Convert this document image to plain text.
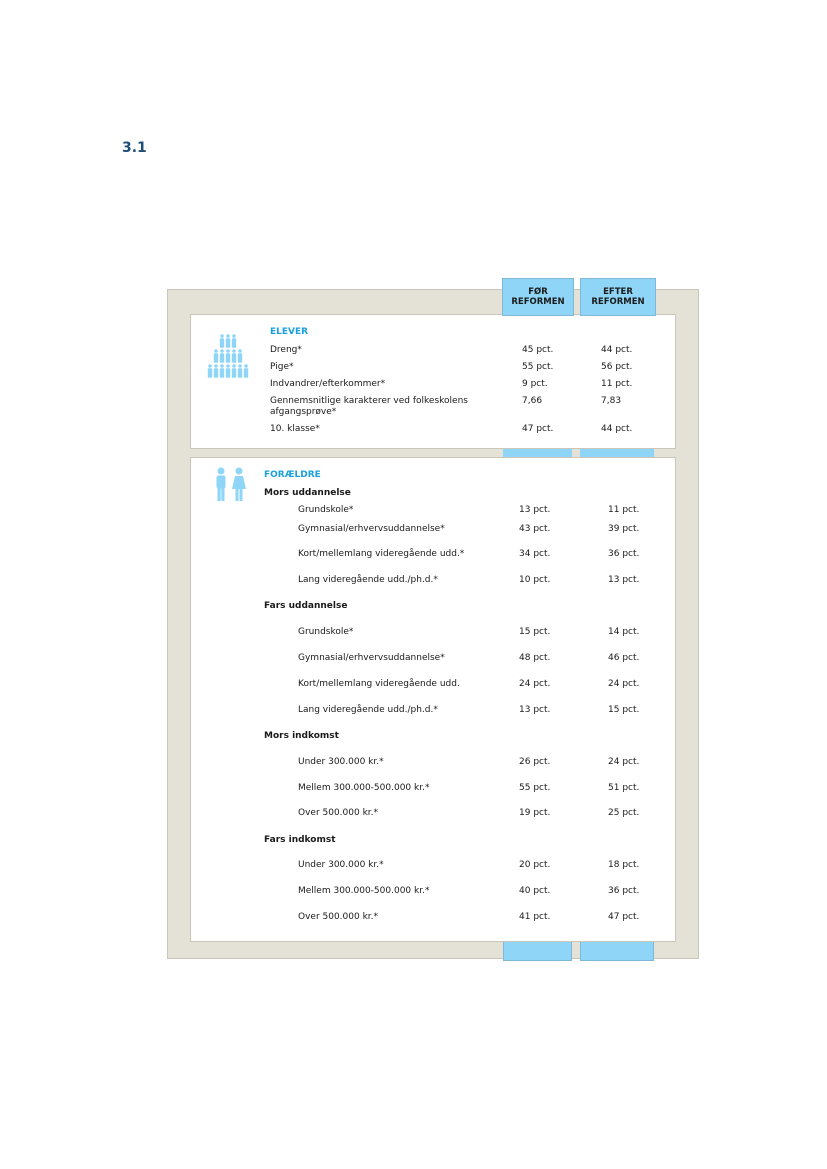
3.1
FØR
REFORMEN
EFTER
REFORMEN
ELEVER
Dreng*	45 pct.	44 pct.
Pige*	55 pct.	56 pct.
Indvandrer/efterkommer*	9 pct.	11 pct.
Gennemsnitlige karakterer ved folkeskolens afgangsprøve*
7,66	7,83
10. klasse*	47 pct.	44 pct.
FORÆLDRE
Mors uddannelse
Grundskole*	13 pct.	11 pct.
Gymnasial/erhvervsuddannelse*	43 pct.	39 pct.
Kort/mellemlang videregående udd.*	34 pct.	36 pct.
Lang videregående udd./ph.d.*	10 pct.	13 pct.
Fars uddannelse
Grundskole*	15 pct.	14 pct.
Gymnasial/erhvervsuddannelse*	48 pct.	46 pct.
Kort/mellemlang videregående udd.	24 pct.	24 pct.
Lang videregående udd./ph.d.*	13 pct.	15 pct.
Mors indkomst
Under 300.000 kr.*	26 pct.	24 pct.
Mellem 300.000-500.000 kr.*	55 pct.	51 pct.
Over 500.000 kr.*	19 pct.	25 pct.
Fars indkomst
Under 300.000 kr.*	20 pct.	18 pct.
Mellem 300.000-500.000 kr.*	40 pct.	36 pct.
Over 500.000 kr.*	41 pct.	47 pct.
